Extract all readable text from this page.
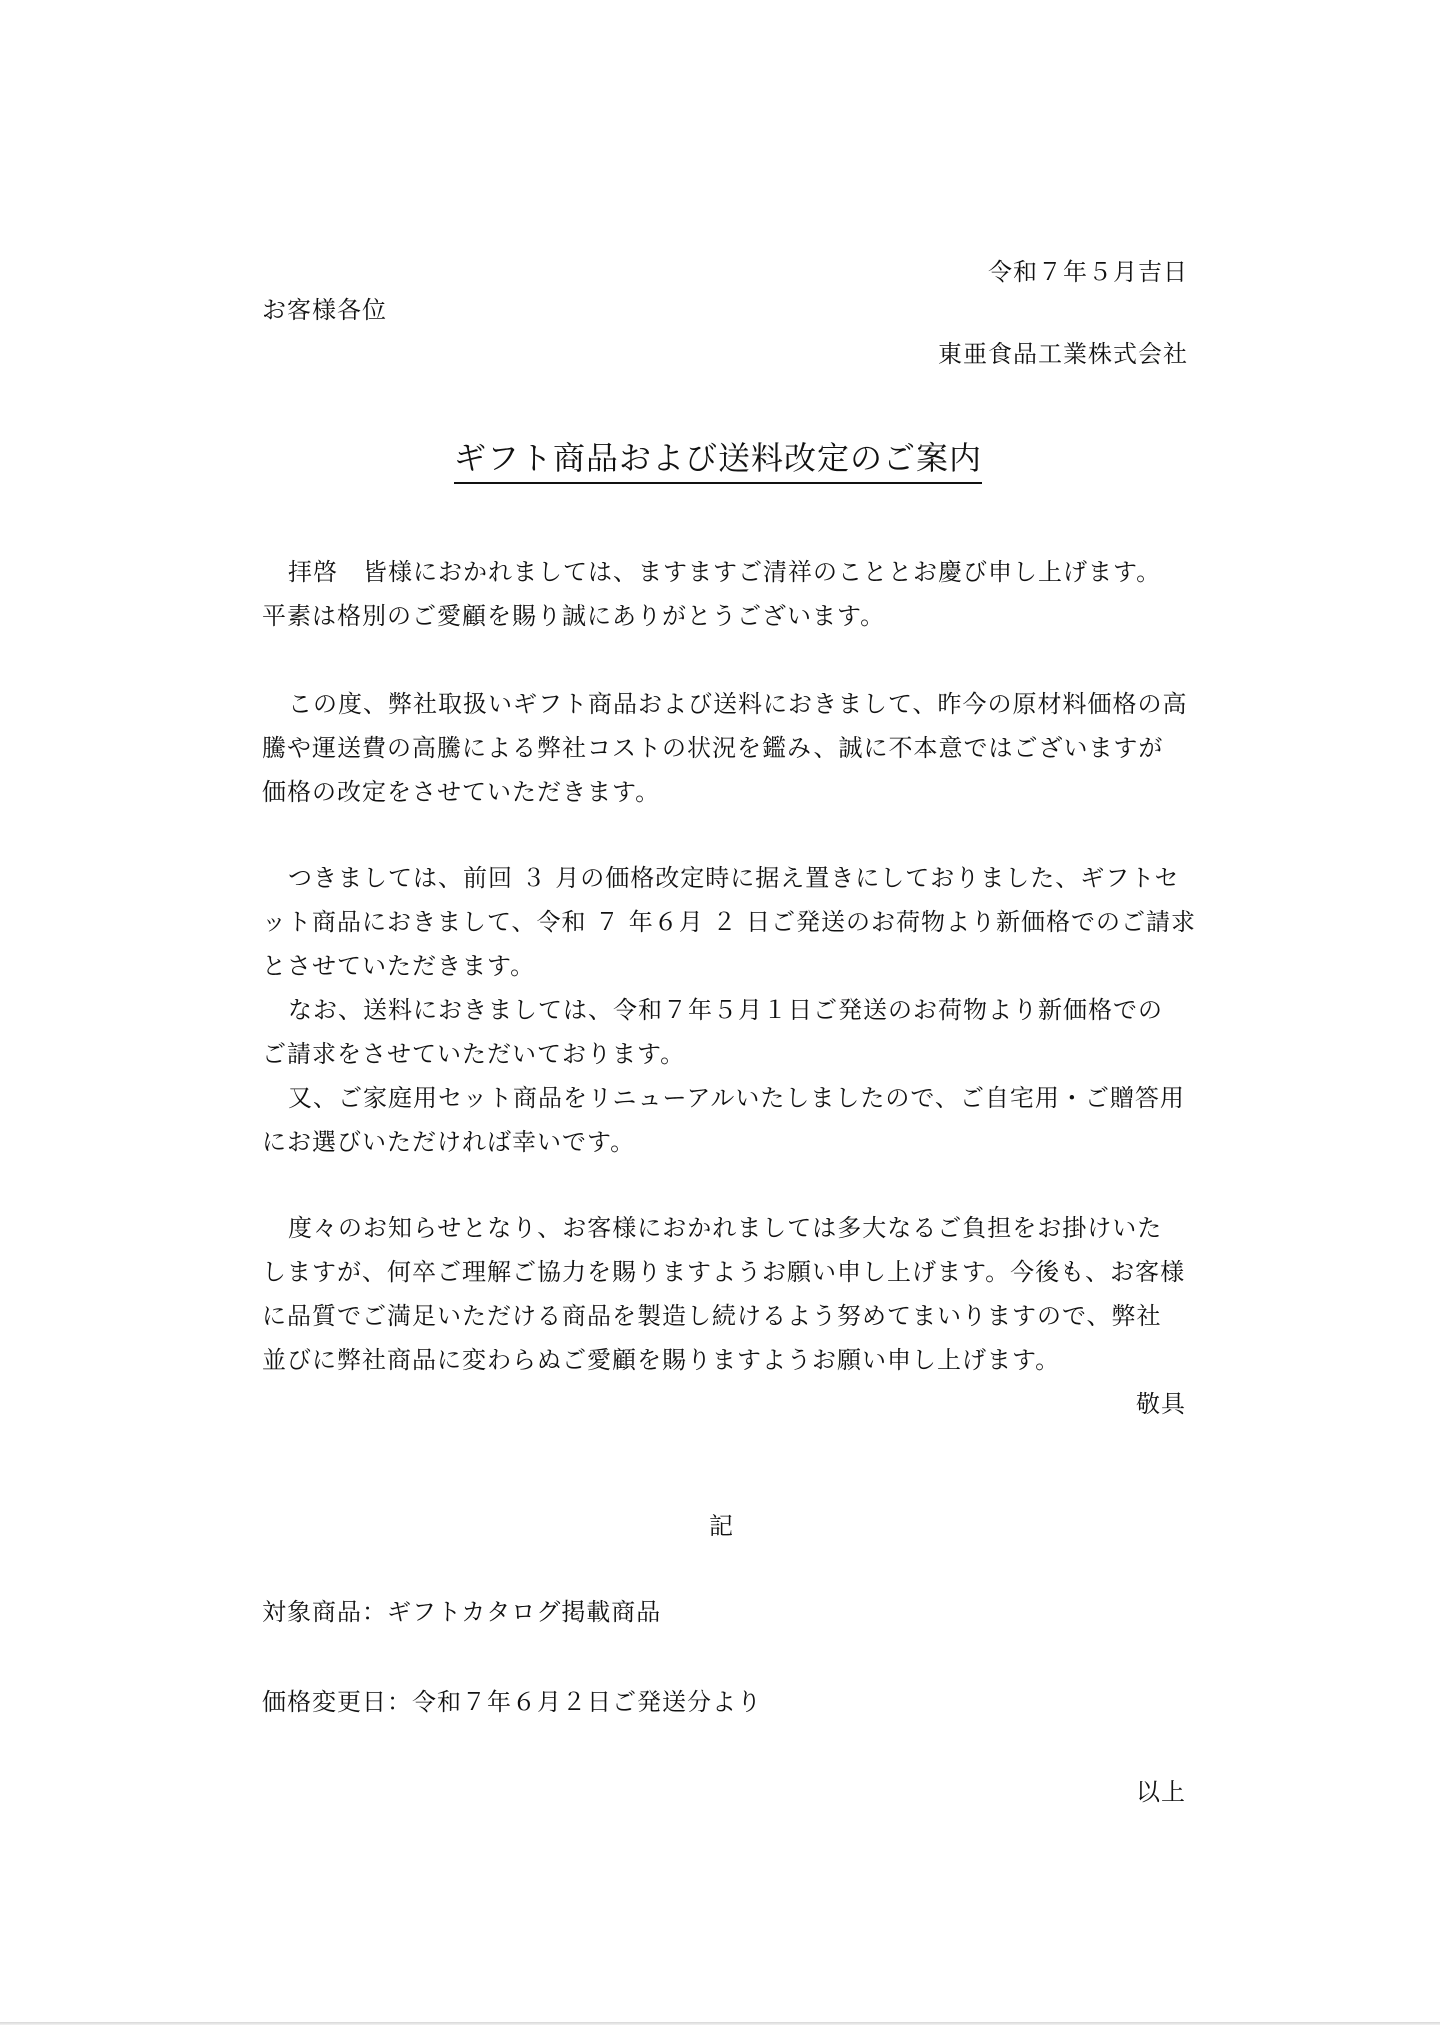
令和７年５月吉日
お客様各位
東亜食品工業株式会社
ギフト商品および送料改定のご案内
拝啓　皆様におかれましては、ますますご清祥のこととお慶び申し上げます。
平素は格別のご愛顧を賜り誠にありがとうございます。
この度、弊社取扱いギフト商品および送料におきまして、昨今の原材料価格の高
騰や運送費の高騰による弊社コストの状況を鑑み、誠に不本意ではございますが
価格の改定をさせていただきます。
つきましては、前回 ３ 月の価格改定時に据え置きにしておりました、ギフトセ
ット商品におきまして、令和 ７ 年６月 ２ 日ご発送のお荷物より新価格でのご請求
とさせていただきます。
なお、送料におきましては、令和７年５月１日ご発送のお荷物より新価格での
ご請求をさせていただいております。
又、ご家庭用セット商品をリニューアルいたしましたので、ご自宅用・ご贈答用
にお選びいただければ幸いです。
度々のお知らせとなり、お客様におかれましては多大なるご負担をお掛けいた
しますが、何卒ご理解ご協力を賜りますようお願い申し上げます。今後も、お客様
に品質でご満足いただける商品を製造し続けるよう努めてまいりますので、弊社
並びに弊社商品に変わらぬご愛顧を賜りますようお願い申し上げます。
敬具
記
対象商品：ギフトカタログ掲載商品
価格変更日：令和７年６月２日ご発送分より
以上
